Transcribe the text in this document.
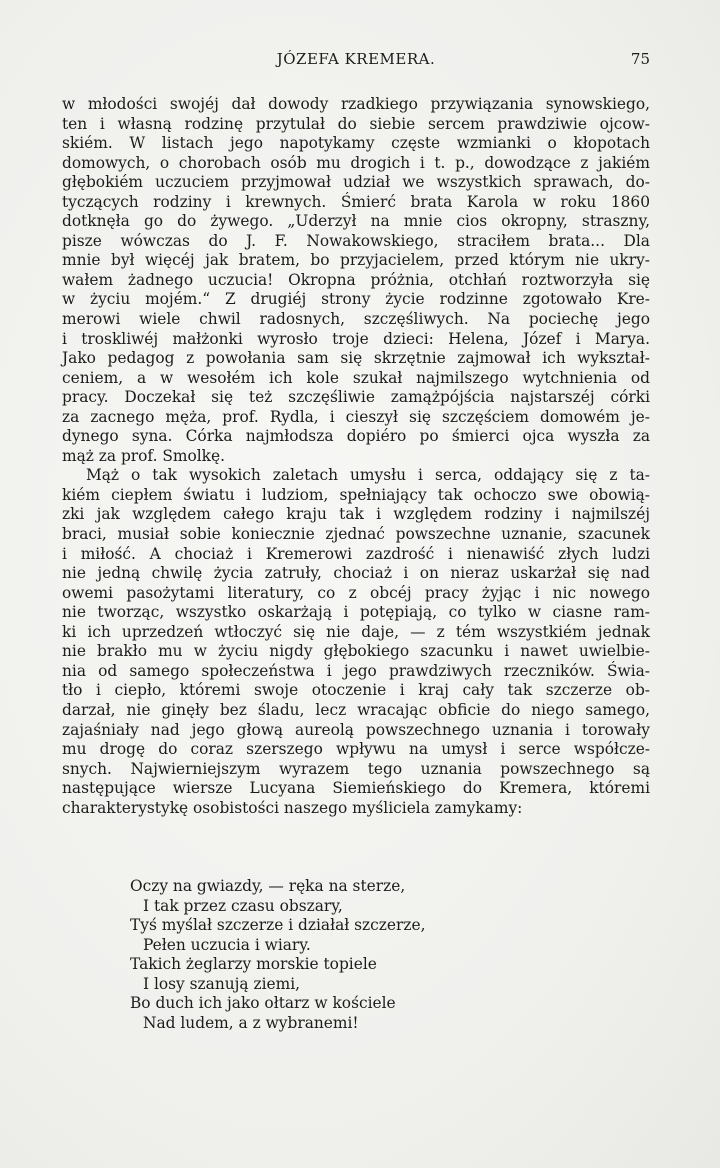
JÓZEFA KREMERA.	75
w młodości swojéj dał dowody rzadkiego przywiązania synowskiego,
ten i własną rodzinę przytulał do siebie sercem prawdziwie ojcow-
skiém. W listach jego napotykamy częste wzmianki o kłopotach
domowych, o chorobach osób mu drogich i t. p., dowodzące z jakiém
głębokiém uczuciem przyjmował udział we wszystkich sprawach, do-
tyczących rodziny i krewnych. Śmierć brata Karola w roku 1860
dotknęła go do żywego. „Uderzył na mnie cios okropny, straszny,
pisze wówczas do J. F. Nowakowskiego, straciłem brata... Dla
mnie był więcéj jak bratem, bo przyjacielem, przed którym nie ukry-
wałem żadnego uczucia! Okropna próżnia, otchłań roztworzyła się
w życiu mojém.“ Z drugiéj strony życie rodzinne zgotowało Kre-
merowi wiele chwil radosnych, szczęśliwych. Na pociechę jego
i troskliwéj małżonki wyrosło troje dzieci: Helena, Józef i Marya.
Jako pedagog z powołania sam się skrzętnie zajmował ich wykształ-
ceniem, a w wesołém ich kole szukał najmilszego wytchnienia od
pracy. Doczekał się też szczęśliwie zamążpójścia najstarszéj córki
za zacnego męża, prof. Rydla, i cieszył się szczęściem domowém je-
dynego syna. Córka najmłodsza dopiéro po śmierci ojca wyszła za
mąż za prof. Smolkę.
Mąż o tak wysokich zaletach umysłu i serca, oddający się z ta-
kiém ciepłem światu i ludziom, spełniający tak ochoczo swe obowią-
zki jak względem całego kraju tak i względem rodziny i najmilszéj
braci, musiał sobie koniecznie zjednać powszechne uznanie, szacunek
i miłość. A chociaż i Kremerowi zazdrość i nienawiść złych ludzi
nie jedną chwilę życia zatruły, chociaż i on nieraz uskarżał się nad
owemi pasożytami literatury, co z obcéj pracy żyjąc i nic nowego
nie tworząc, wszystko oskarżają i potępiają, co tylko w ciasne ram-
ki ich uprzedzeń wtłoczyć się nie daje, — z tém wszystkiém jednak
nie brakło mu w życiu nigdy głębokiego szacunku i nawet uwielbie-
nia od samego społeczeństwa i jego prawdziwych rzeczników. Świa-
tło i ciepło, któremi swoje otoczenie i kraj cały tak szczerze ob-
darzał, nie ginęły bez śladu, lecz wracając obficie do niego samego,
zajaśniały nad jego głową aureolą powszechnego uznania i torowały
mu drogę do coraz szerszego wpływu na umysł i serce współcze-
snych. Najwierniejszym wyrazem tego uznania powszechnego są
następujące wiersze Lucyana Siemieńskiego do Kremera, któremi
charakterystykę osobistości naszego myśliciela zamykamy:
Oczy na gwiazdy, — ręka na sterze,
I tak przez czasu obszary,
Tyś myślał szczerze i działał szczerze,
Pełen uczucia i wiary.
Takich żeglarzy morskie topiele
I losy szanują ziemi,
Bo duch ich jako ołtarz w kościele
Nad ludem, a z wybranemi!
